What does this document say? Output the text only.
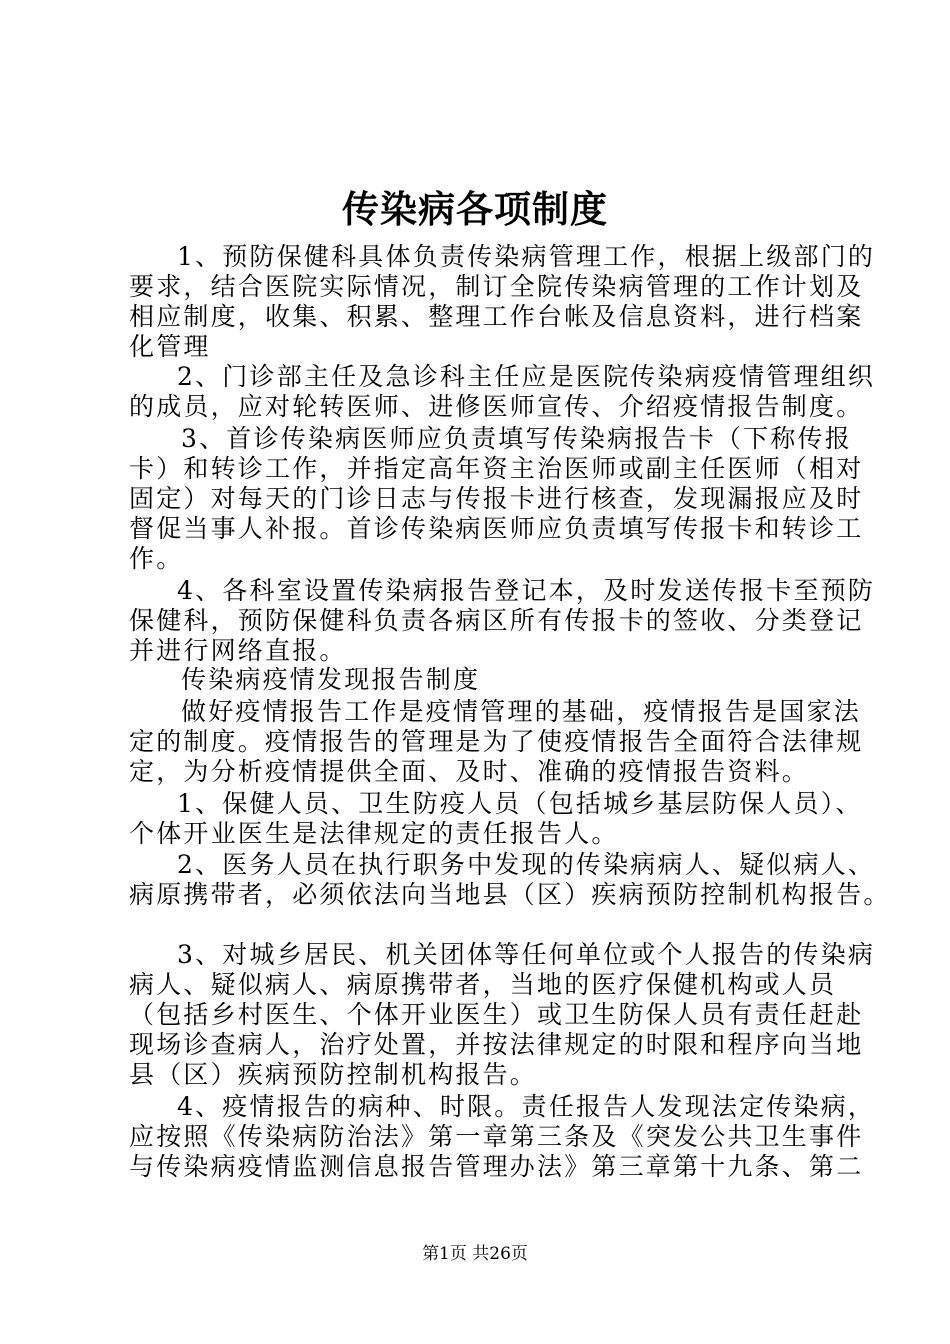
传染病各项制度
1、预防保健科具体负责传染病管理工作，根据上级部门的
要求，结合医院实际情况，制订全院传染病管理的工作计划及
相应制度，收集、积累、整理工作台帐及信息资料，进行档案
化管理
2、门诊部主任及急诊科主任应是医院传染病疫情管理组织
的成员，应对轮转医师、进修医师宣传、介绍疫情报告制度。
3、首诊传染病医师应负责填写传染病报告卡（下称传报
卡）和转诊工作，并指定高年资主治医师或副主任医师（相对
固定）对每天的门诊日志与传报卡进行核查，发现漏报应及时
督促当事人补报。首诊传染病医师应负责填写传报卡和转诊工
作。
4、各科室设置传染病报告登记本，及时发送传报卡至预防
保健科，预防保健科负责各病区所有传报卡的签收、分类登记
并进行网络直报。
传染病疫情发现报告制度
做好疫情报告工作是疫情管理的基础，疫情报告是国家法
定的制度。疫情报告的管理是为了使疫情报告全面符合法律规
定，为分析疫情提供全面、及时、准确的疫情报告资料。
1、保健人员、卫生防疫人员（包括城乡基层防保人员）、
个体开业医生是法律规定的责任报告人。
2、医务人员在执行职务中发现的传染病病人、疑似病人、
病原携带者，必须依法向当地县（区）疾病预防控制机构报告。
3、对城乡居民、机关团体等任何单位或个人报告的传染病
病人、疑似病人、病原携带者，当地的医疗保健机构或人员
（包括乡村医生、个体开业医生）或卫生防保人员有责任赶赴
现场诊查病人，治疗处置，并按法律规定的时限和程序向当地
县（区）疾病预防控制机构报告。
4、疫情报告的病种、时限。责任报告人发现法定传染病，
应按照《传染病防治法》第一章第三条及《突发公共卫生事件
与传染病疫情监测信息报告管理办法》第三章第十九条、第二
第1页 共26页
